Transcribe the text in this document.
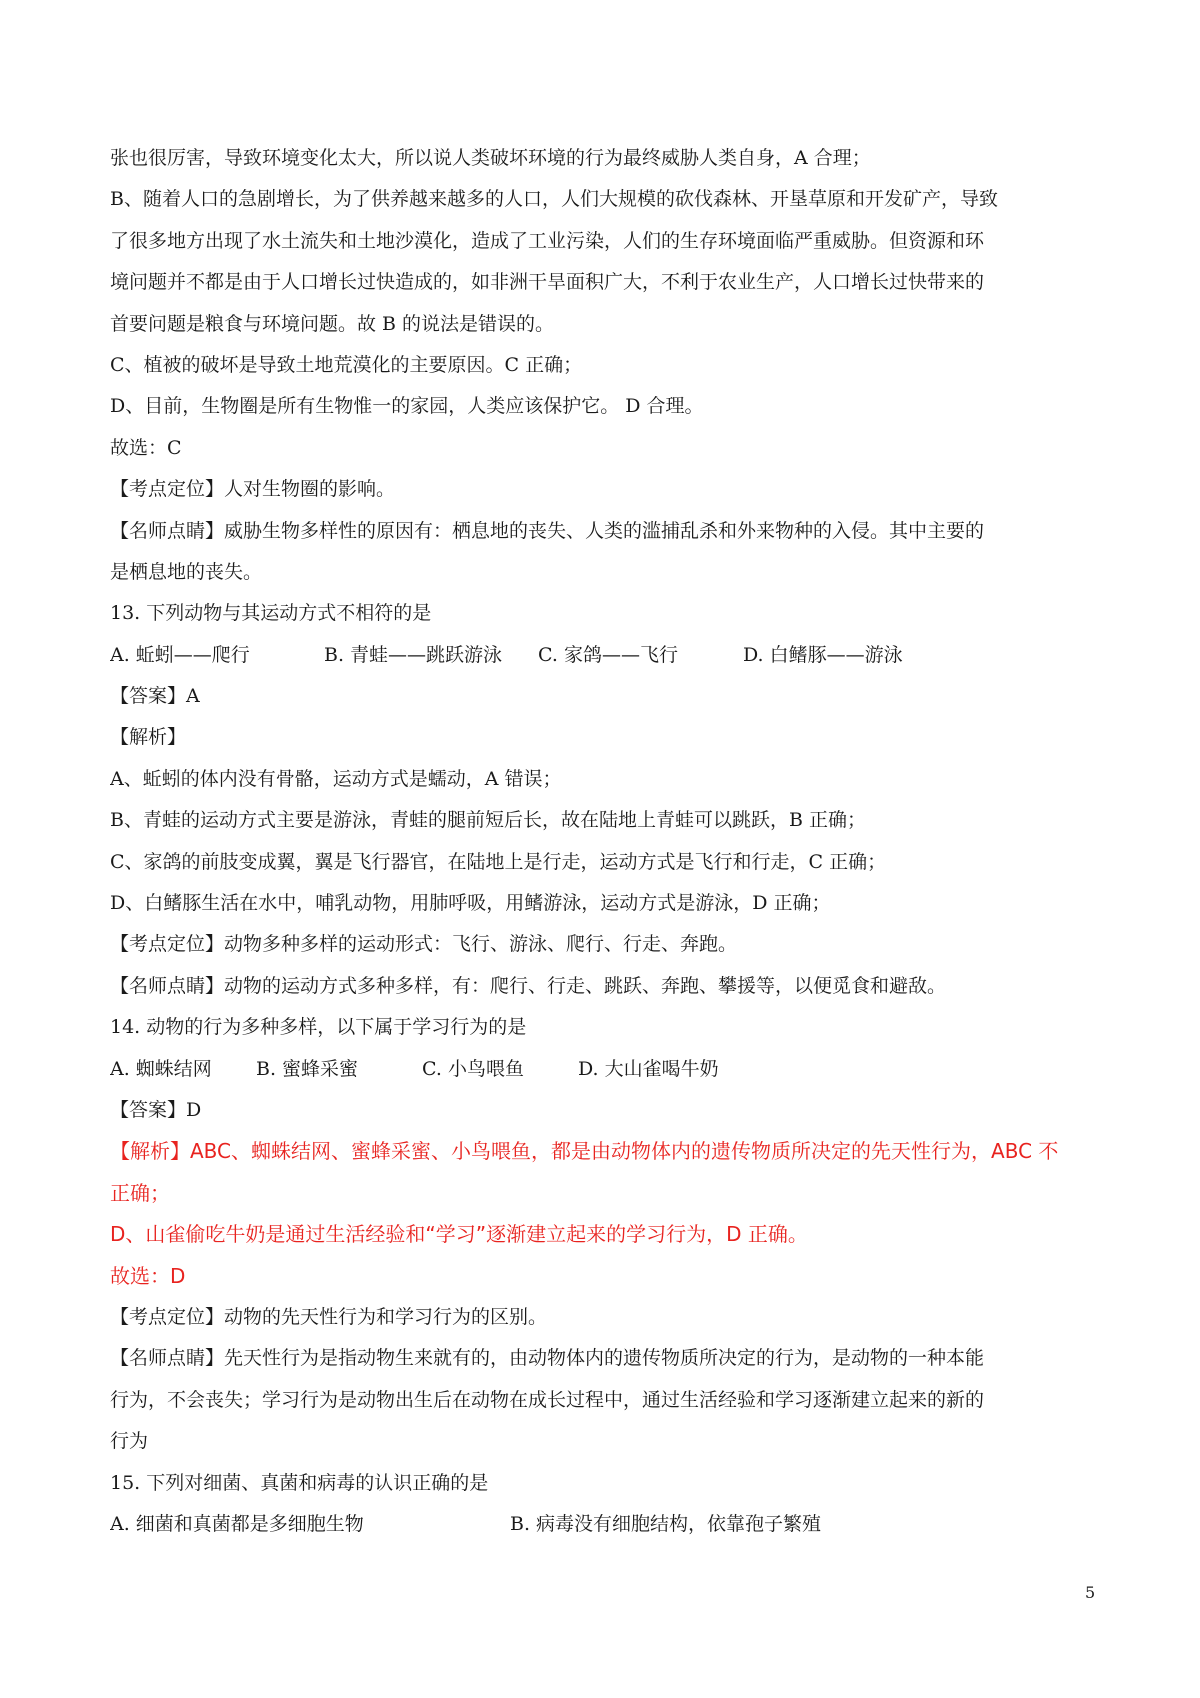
张也很厉害，导致环境变化太大，所以说人类破坏环境的行为最终威胁人类自身，A 合理；
B、随着人口的急剧增长，为了供养越来越多的人口，人们大规模的砍伐森林、开垦草原和开发矿产，导致
了很多地方出现了水土流失和土地沙漠化，造成了工业污染，人们的生存环境面临严重威胁。但资源和环
境问题并不都是由于人口增长过快造成的，如非洲干旱面积广大，不利于农业生产，人口增长过快带来的
首要问题是粮食与环境问题。故 B 的说法是错误的。
C、植被的破坏是导致土地荒漠化的主要原因。C 正确；
D、目前，生物圈是所有生物惟一的家园，人类应该保护它。 D 合理。
故选：C
【考点定位】人对生物圈的影响。
【名师点睛】威胁生物多样性的原因有：栖息地的丧失、人类的滥捕乱杀和外来物种的入侵。其中主要的
是栖息地的丧失。
13. 下列动物与其运动方式不相符的是
A. 蚯蚓——爬行	B. 青蛙——跳跃游泳 C. 家鸽——飞行	D. 白鳍豚——游泳
【答案】A
【解析】
A、蚯蚓的体内没有骨骼，运动方式是蠕动，A 错误；
B、青蛙的运动方式主要是游泳，青蛙的腿前短后长，故在陆地上青蛙可以跳跃，B 正确；
C、家鸽的前肢变成翼，翼是飞行器官，在陆地上是行走，运动方式是飞行和行走，C 正确；
D、白鳍豚生活在水中，哺乳动物，用肺呼吸，用鳍游泳，运动方式是游泳，D 正确；
【考点定位】动物多种多样的运动形式：飞行、游泳、爬行、行走、奔跑。
【名师点睛】动物的运动方式多种多样，有：爬行、行走、跳跃、奔跑、攀援等，以便觅食和避敌。
14. 动物的行为多种多样，以下属于学习行为的是
A. 蜘蛛结网 B. 蜜蜂采蜜	C. 小鸟喂鱼	D. 大山雀喝牛奶
【答案】D
【解析】ABC、蜘蛛结网、蜜蜂采蜜、小鸟喂鱼，都是由动物体内的遗传物质所决定的先天性行为，ABC 不
正确；
D、山雀偷吃牛奶是通过生活经验和“学习”逐渐建立起来的学习行为，D 正确。
故选：D
【考点定位】动物的先天性行为和学习行为的区别。
【名师点睛】先天性行为是指动物生来就有的，由动物体内的遗传物质所决定的行为，是动物的一种本能
行为，不会丧失；学习行为是动物出生后在动物在成长过程中，通过生活经验和学习逐渐建立起来的新的
行为
15. 下列对细菌、真菌和病毒的认识正确的是
A. 细菌和真菌都是多细胞生物	B. 病毒没有细胞结构，依靠孢子繁殖
5
